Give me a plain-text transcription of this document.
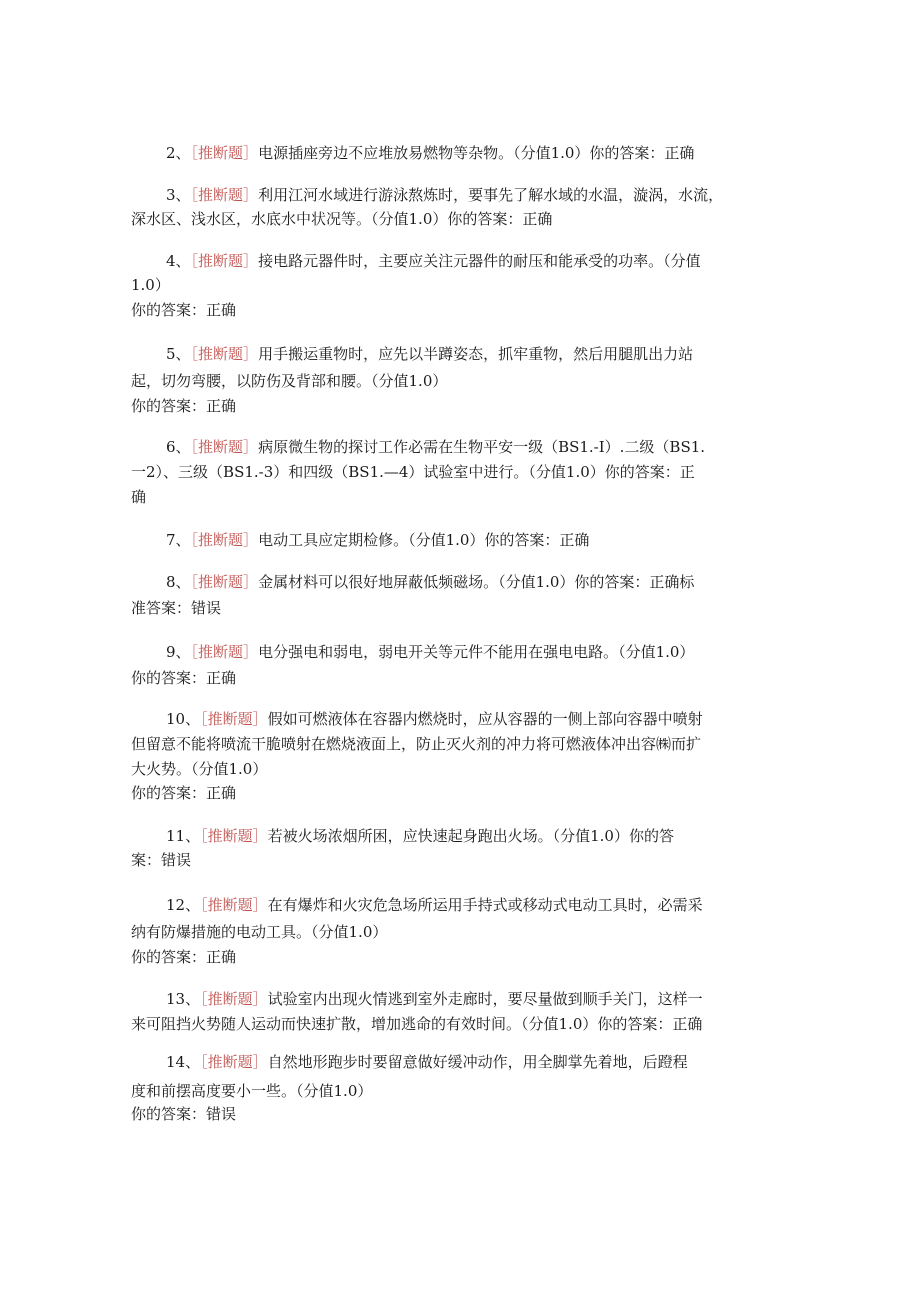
2、［推断题］电源插座旁边不应堆放易燃物等杂物。（分值1.0）你的答案：正确
3、［推断题］利用江河水域进行游泳熬炼时，要事先了解水域的水温，漩涡，水流，
深水区、浅水区，水底水中状况等。（分值1.0）你的答案：正确
4、［推断题］接电路元器件时，主要应关注元器件的耐压和能承受的功率。（分值
1.0）
你的答案：正确
5、［推断题］用手搬运重物时，应先以半蹲姿态，抓牢重物，然后用腿肌出力站
起，切勿弯腰，以防伤及背部和腰。（分值1.0）
你的答案：正确
6、［推断题］病原微生物的探讨工作必需在生物平安一级（BS1.-I）.二级（BS1.
一2）、三级（BS1.-3）和四级（BS1.—4）试验室中进行。（分值1.0）你的答案：正
确
7、［推断题］电动工具应定期检修。（分值1.0）你的答案：正确
8、［推断题］金属材料可以很好地屏蔽低频磁场。（分值1.0）你的答案：正确标
准答案：错误
9、［推断题］电分强电和弱电，弱电开关等元件不能用在强电电路。（分值1.0）
你的答案：正确
10、［推断题］假如可燃液体在容器内燃烧时，应从容器的一侧上部向容器中喷射
但留意不能将喷流干脆喷射在燃烧液面上，防止灭火剂的冲力将可燃液体冲出容㈱而扩
大火势。（分值1.0）
你的答案：正确
11、［推断题］若被火场浓烟所困，应快速起身跑出火场。（分值1.0）你的答
案：错误
12、［推断题］在有爆炸和火灾危急场所运用手持式或移动式电动工具时，必需采
纳有防爆措施的电动工具。（分值1.0）
你的答案：正确
13、［推断题］试验室内出现火情逃到室外走廊时，要尽量做到顺手关门，这样一
来可阻挡火势随人运动而快速扩散，增加逃命的有效时间。（分值1.0）你的答案：正确
14、［推断题］自然地形跑步时要留意做好缓冲动作，用全脚掌先着地，后蹬程
度和前摆高度要小一些。（分值1.0）
你的答案：错误
